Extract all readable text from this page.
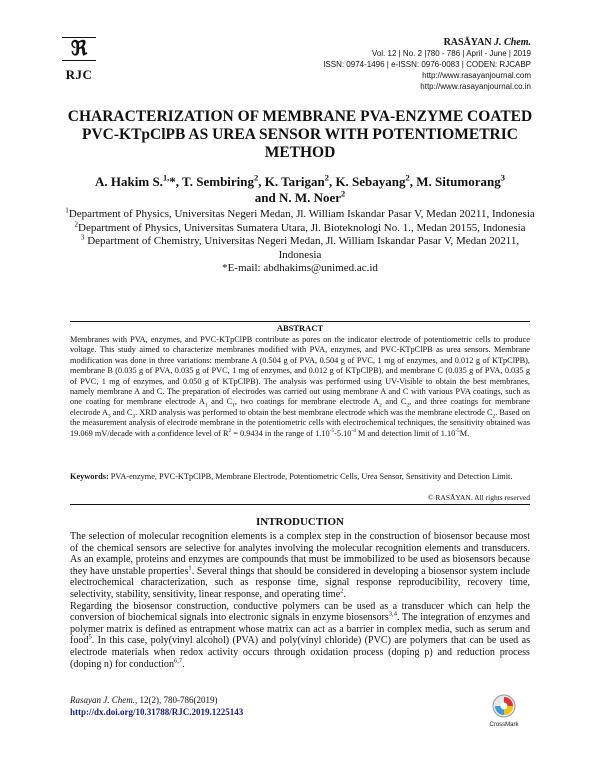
ℜ
RJC
RASĀYAN J. Chem.
Vol. 12 | No. 2 |780 - 786 | April - June | 2019
ISSN: 0974-1496 | e-ISSN: 0976-0083 | CODEN: RJCABP
http://www.rasayanjournal.com
http://www.rasayanjournal.co.in
CHARACTERIZATION OF MEMBRANE PVA-ENZYME COATED PVC-KTpClPB AS UREA SENSOR WITH POTENTIOMETRIC METHOD
A. Hakim S.$^{1,}$*, T. Sembiring$^2$, K. Tarigan$^2$, K. Sebayang$^2$, M. Situmorang$^3$
and N. M. Noer$^2$

$^1$Department of Physics, Universitas Negeri Medan, Jl. William Iskandar Pasar V, Medan 20211, Indonesia

$^2$Department of Physics, Universitas Sumatera Utara, Jl. Bioteknologi No. 1., Medan 20155, Indonesia

$^3$ Department of Chemistry, Universitas Negeri Medan, Jl. William Iskandar Pasar V, Medan 20211, Indonesia

*E-mail: abdhakims@unimed.ac.id

ABSTRACT
Membranes with PVA, enzymes, and PVC-KTpClPB contribute as pores on the indicator electrode of potentiometric cells to produce voltage. This study aimed to characterize membranes modified with PVA, enzymes, and PVC-KTpClPB as urea sensors. Membrane modification was done in three variations: membrane A (0.504 g of PVA, 0.504 g of PVC, 1 mg of enzymes, and 0.012 g of KTpClPB), membrane B (0.035 g of PVA, 0.035 g of PVC, 1 mg of enzymes, and 0.012 g of KTpClPB), and membrane C (0.035 g of PVA, 0.035 g of PVC, 1 mg of enzymes, and 0.050 g of KTpClPB). The analysis was performed using UV-Visible to obtain the best membranes, namely membrane A and C. The preparation of electrodes was carried out using membrane A and C with various PVA coatings, such as one coating for membrane electrode $A_1$ and $C_1$, two coatings for membrane electrode $A_2$ and $C_2$, and three coatings for membrane electrode $A_3$ and $C_3$. XRD analysis was performed to obtain the best membrane electrode which was the membrane electrode $C_2$. Based on the measurement analysis of electrode membrane in the potentiometric cells with electrochemical techniques, the sensitivity obtained was 19.069 mV/decade with a confidence level of $R^2 = 0.9434$ in the range of $1.10^{-5}-5.10^{-4}$ M and detection limit of $1.10^{-5}M$.
Keywords: PVA-enzyme, PVC-KTpClPB, Membrane Electrode, Potentiometric Cells, Urea Sensor, Sensitivity and Detection Limit.
© RASĀYAN. All rights reserved
INTRODUCTION

The selection of molecular recognition elements is a complex step in the construction of biosensor because most of the chemical sensors are selective for analytes involving the molecular recognition elements and transducers. As an example, proteins and enzymes are compounds that must be immobilized to be used as biosensors because they have unstable properties$^1$. Several things that should be considered in developing a biosensor system include electrochemical characterization, such as response time, signal response reproducibility, recovery time, selectivity, stability, sensitivity, linear response, and operating time$^2$.

Regarding the biosensor construction, conductive polymers can be used as a transducer which can help the conversion of biochemical signals into electronic signals in enzyme biosensors$^{3,4}$. The integration of enzymes and polymer matrix is defined as entrapment whose matrix can act as a barrier in complex media, such as serum and food$^5$. In this case, poly(vinyl alcohol) (PVA) and poly(vinyl chloride) (PVC) are polymers that can be used as electrode materials when redox activity occurs through oxidation process (doping p) and reduction process (doping n) for conduction$^{6,7}$.

Rasayan J. Chem., 12(2), 780-786(2019)
http://dx.doi.org/10.31788/RJC.2019.1225143
CrossMark
